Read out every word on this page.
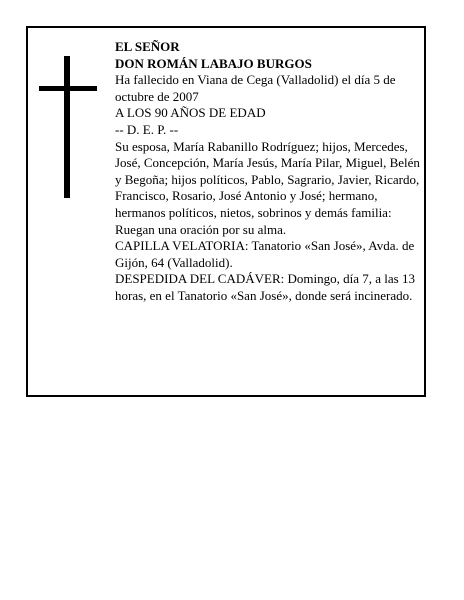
EL SEÑOR

DON ROMÁN LABAJO BURGOS

Ha fallecido en Viana de Cega (Valladolid) el día 5 de octubre de 2007

A LOS 90 AÑOS DE EDAD

-- D. E. P. --

Su esposa, María Rabanillo Rodríguez; hijos, Mercedes, José, Concepción, María Jesús, María Pilar, Miguel, Belén y Begoña; hijos políticos, Pablo, Sagrario, Javier, Ricardo, Francisco, Rosario, José Antonio y José; hermano, hermanos políticos, nietos, sobrinos y demás familia:

Ruegan una oración por su alma.

CAPILLA VELATORIA: Tanatorio «San José», Avda. de Gijón, 64 (Valladolid).

DESPEDIDA DEL CADÁVER: Domingo, día 7, a las 13 horas, en el Tanatorio «San José», donde será incinerado.
